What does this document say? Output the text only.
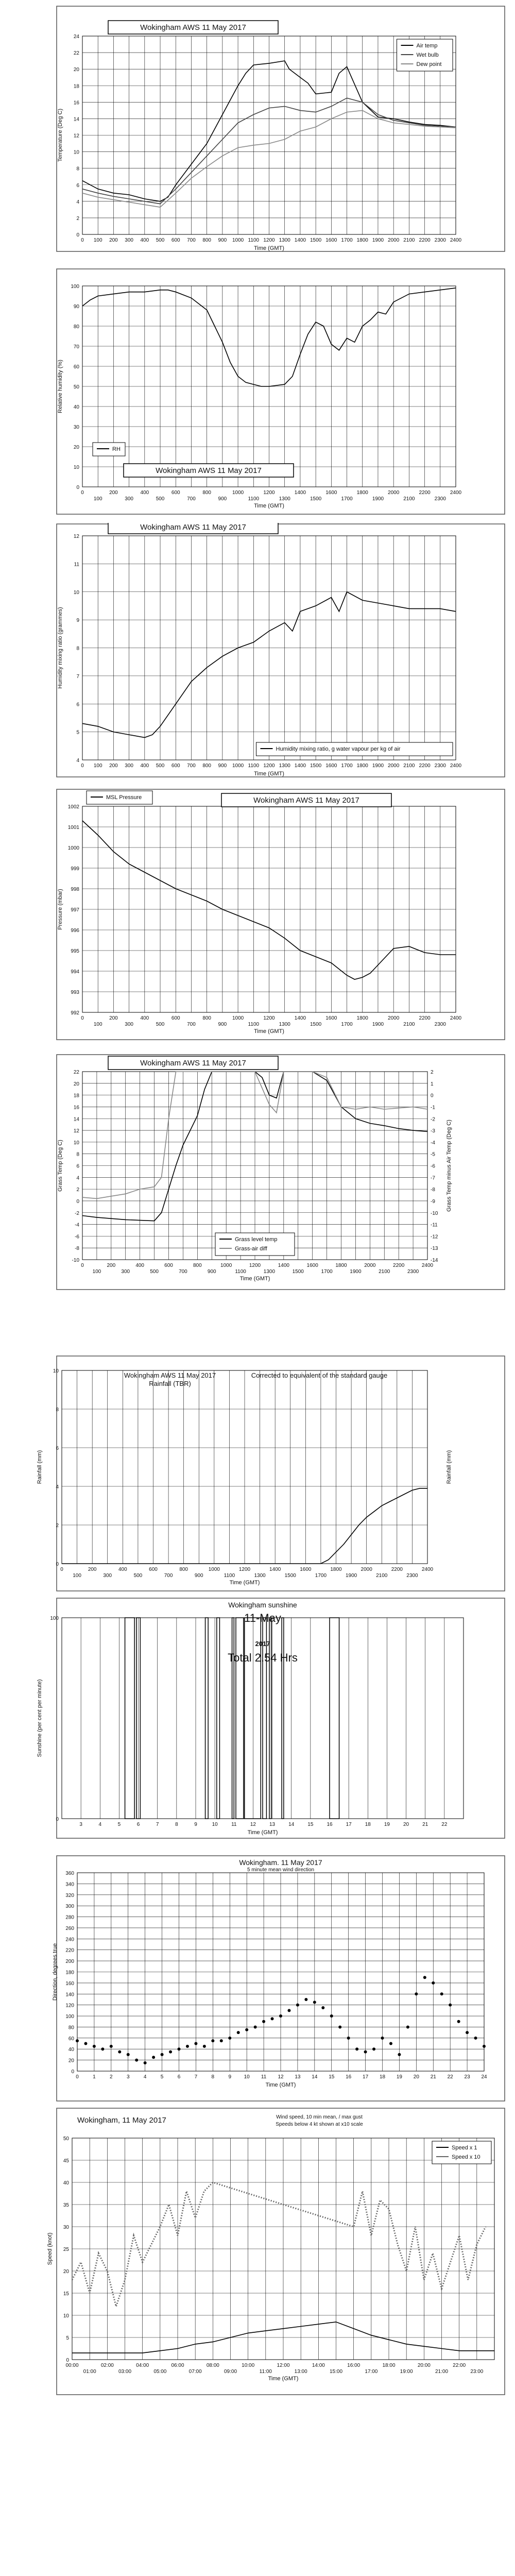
0
2
4
6
8
10
12
14
16
18
20
22
24
0 100 200 300 400 500 600 700 800 900 1000 1100 1200 1300 1400 1500 1600 1700 1800 1900 2000 2100 2200 2300 2400
Time (GMT)
Temperature (Deg C)
Wokingham AWS 11 May 2017
Air temp
Wet bulb
Dew point
0
10
20
30
40
50
60
70
80
90
100
0	200	400	600	800	1000	1200	1400	1600	1800	2000	2200	2400
100	300	500	700	900	1100	1300	1500	1700	1900	2100	2300
Time (GMT)
Relative humidity (%)
Wokingham AWS 11 May 2017
RH
4
5
6
7
8
9
10
11
12
0 100 200 300 400 500 600 700 800 900 1000 1100 1200 1300 1400 1500 1600 1700 1800 1900 2000 2100 2200 2300 2400
Time (GMT)
Humidity mixing ratio (grammes)
Wokingham AWS 11 May 2017
Humidity mixing ratio, g water vapour per kg of air
992
993
994
995
996
997
998
999
1000
1001
1002
0	200	400	600	800	1000	1200	1400	1600	1800	2000	2200	2400
100	300	500	700	900	1100	1300	1500	1700	1900	2100	2300
Time (GMT)
Pressure (mbar)
Wokingham AWS 11 May 2017
MSL Pressure
-10
-8
-6
-4
-2
0
2
4
6
8
10
12
14
16
18
20
22
0	200	400	600	800	1000	1200	1400	1600	1800	2000	2200	2400
100	300	500	700	900	1100	1300	1500	1700	1900	2100	2300
-14
-13
-12
-11
-10
-9
-8
-7
-6
-5
-4
-3
-2
-1
0
1
2
Time (GMT)
Grass Temp (Deg C)	Grass Temp minus Air Temp (Deg C)
Wokingham AWS 11 May 2017
Grass level temp
Grass-air diff
0
2
4
6
8
10
0	200	400	600	800	1000	1200	1400	1600	1800	2000	2200	2400
100	300	500	700	900	1100	1300	1500	1700	1900	2100	2300
Time (GMT)
Rainfall (mm)	Rainfall (mm)
Wokingham AWS 11 May 2017
Rainfall (TBR)
Corrected to equivalent of the standard gauge
0
100
3	4	5	6	7	8	9	10	11	12	13	14	15	16	17	18	19	20	21	22
Time (GMT)
Sunshine (per cent per minute)
Wokingham sunshine
11-May
2017
Total 2.54 Hrs
0
20
40
60
80
100
120
140
160
180
200
220
240
260
280
300
320
340
360
0	1	2	3	4	5	6	7	8	9 10 11 12 13 14 15 16 17 18 19 20 21 22 23 24
Time (GMT)
Direction, degrees true
Wokingham. 11 May 2017
5 minute mean wind direction
0
5
10
15
20
25
30
35
40
45
50
00:00	02:00	04:00	06:00	08:00	10:00	12:00	14:00	16:00	18:00	20:00	22:00
01:00	03:00	05:00	07:00	09:00	11:00	13:00	15:00	17:00	19:00	21:00	23:00
Time (GMT)
Speed (knot)
Wokingham, 11 May 2017	Wind speed, 10 min mean, / max gust
Speeds below 4 kt shown at x10 scale
Speed x 1
Speed x 10
